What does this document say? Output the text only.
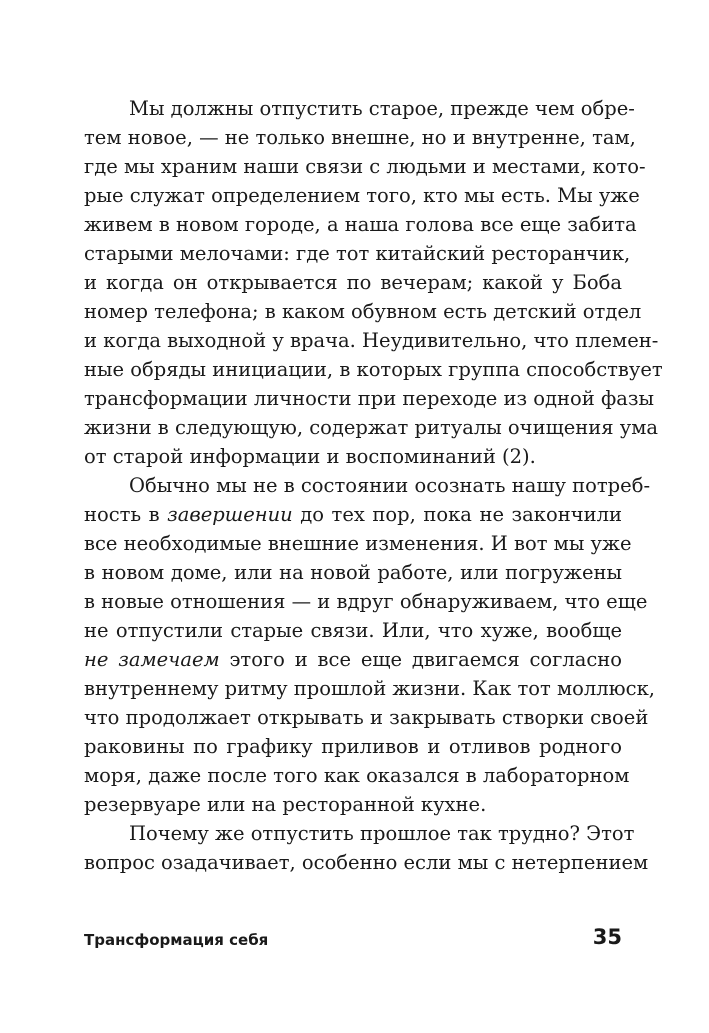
Мы должны отпустить старое, прежде чем обре-
тем новое, — не только внешне, но и внутренне, там,
где мы храним наши связи с людьми и местами, кото-
рые служат определением того, кто мы есть. Мы уже
живем в новом городе, а наша голова все еще забита
старыми мелочами: где тот китайский ресторанчик,
и когда он открывается по вечерам; какой у Боба
номер телефона; в каком обувном есть детский отдел
и когда выходной у врача. Неудивительно, что племен-
ные обряды инициации, в которых группа способствует
трансформации личности при переходе из одной фазы
жизни в следующую, содержат ритуалы очищения ума
от старой информации и воспоминаний (2).
Обычно мы не в состоянии осознать нашу потреб-
ность в завершении до тех пор, пока не закончили
все необходимые внешние изменения. И вот мы уже
в новом доме, или на новой работе, или погружены
в новые отношения — и вдруг обнаруживаем, что еще
не отпустили старые связи. Или, что хуже, вообще
не замечаем этого и все еще двигаемся согласно
внутреннему ритму прошлой жизни. Как тот моллюск,
что продолжает открывать и закрывать створки своей
раковины по графику приливов и отливов родного
моря, даже после того как оказался в лабораторном
резервуаре или на ресторанной кухне.
Почему же отпустить прошлое так трудно? Этот
вопрос озадачивает, особенно если мы с нетерпением
Трансформация себя	35
